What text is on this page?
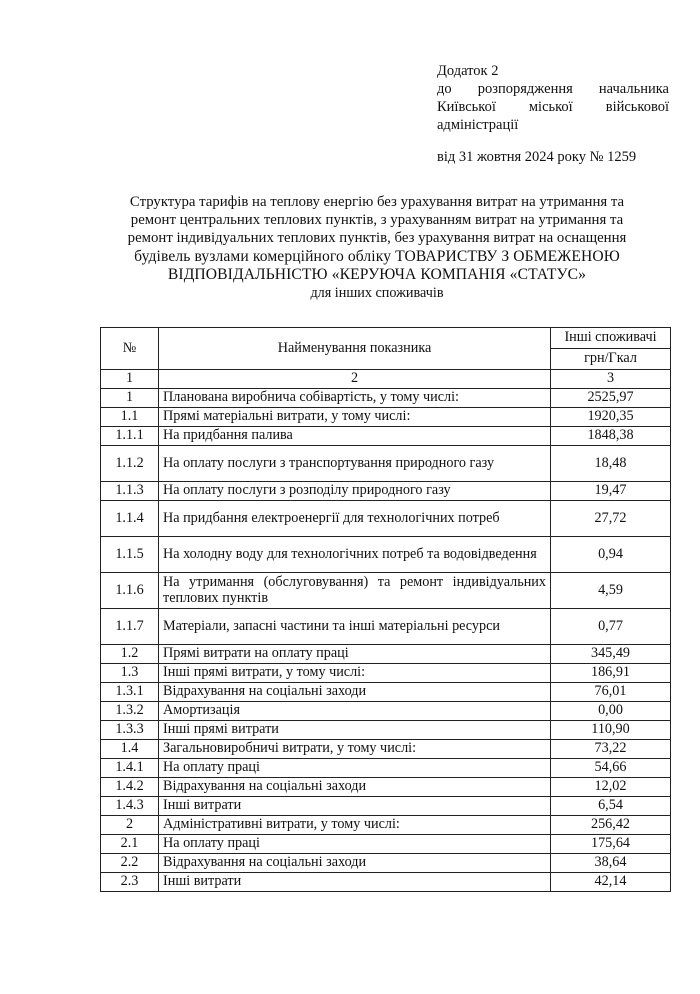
Додаток 2
до розпорядження начальника
Київської міської військової
адміністрації
від 31 жовтня 2024 року № 1259
Структура тарифів на теплову енергію без урахування витрат на утримання та
ремонт центральних теплових пунктів, з урахуванням витрат на утримання та
ремонт індивідуальних теплових пунктів, без урахування витрат на оснащення
будівель вузлами комерційного обліку ТОВАРИСТВУ З ОБМЕЖЕНОЮ
ВІДПОВІДАЛЬНІСТЮ «КЕРУЮЧА КОМПАНІЯ «СТАТУС»
для інших споживачів
№	Найменування показника	Інші споживачі
		грн/Гкал
1	2	3
1	Планована виробнича собівартість, у тому числі:	2525,97
1.1	Прямі матеріальні витрати, у тому числі:	1920,35
1.1.1	На придбання палива	1848,38
1.1.2	На оплату послуги з транспортування природного газу	18,48
1.1.3	На оплату послуги з розподілу природного газу	19,47
1.1.4	На придбання електроенергії для технологічних потреб	27,72
1.1.5	На холодну воду для технологічних потреб та водовідведення	0,94
1.1.6	На утримання (обслуговування) та ремонт індивідуальних теплових пунктів	4,59
1.1.7	Матеріали, запасні частини та інші матеріальні ресурси	0,77
1.2	Прямі витрати на оплату праці	345,49
1.3	Інші прямі витрати, у тому числі:	186,91
1.3.1	Відрахування на соціальні заходи	76,01
1.3.2	Амортизація	0,00
1.3.3	Інші прямі витрати	110,90
1.4	Загальновиробничі витрати, у тому числі:	73,22
1.4.1	На оплату праці	54,66
1.4.2	Відрахування на соціальні заходи	12,02
1.4.3	Інші витрати	6,54
2	Адміністративні витрати, у тому числі:	256,42
2.1	На оплату праці	175,64
2.2	Відрахування на соціальні заходи	38,64
2.3	Інші витрати	42,14
